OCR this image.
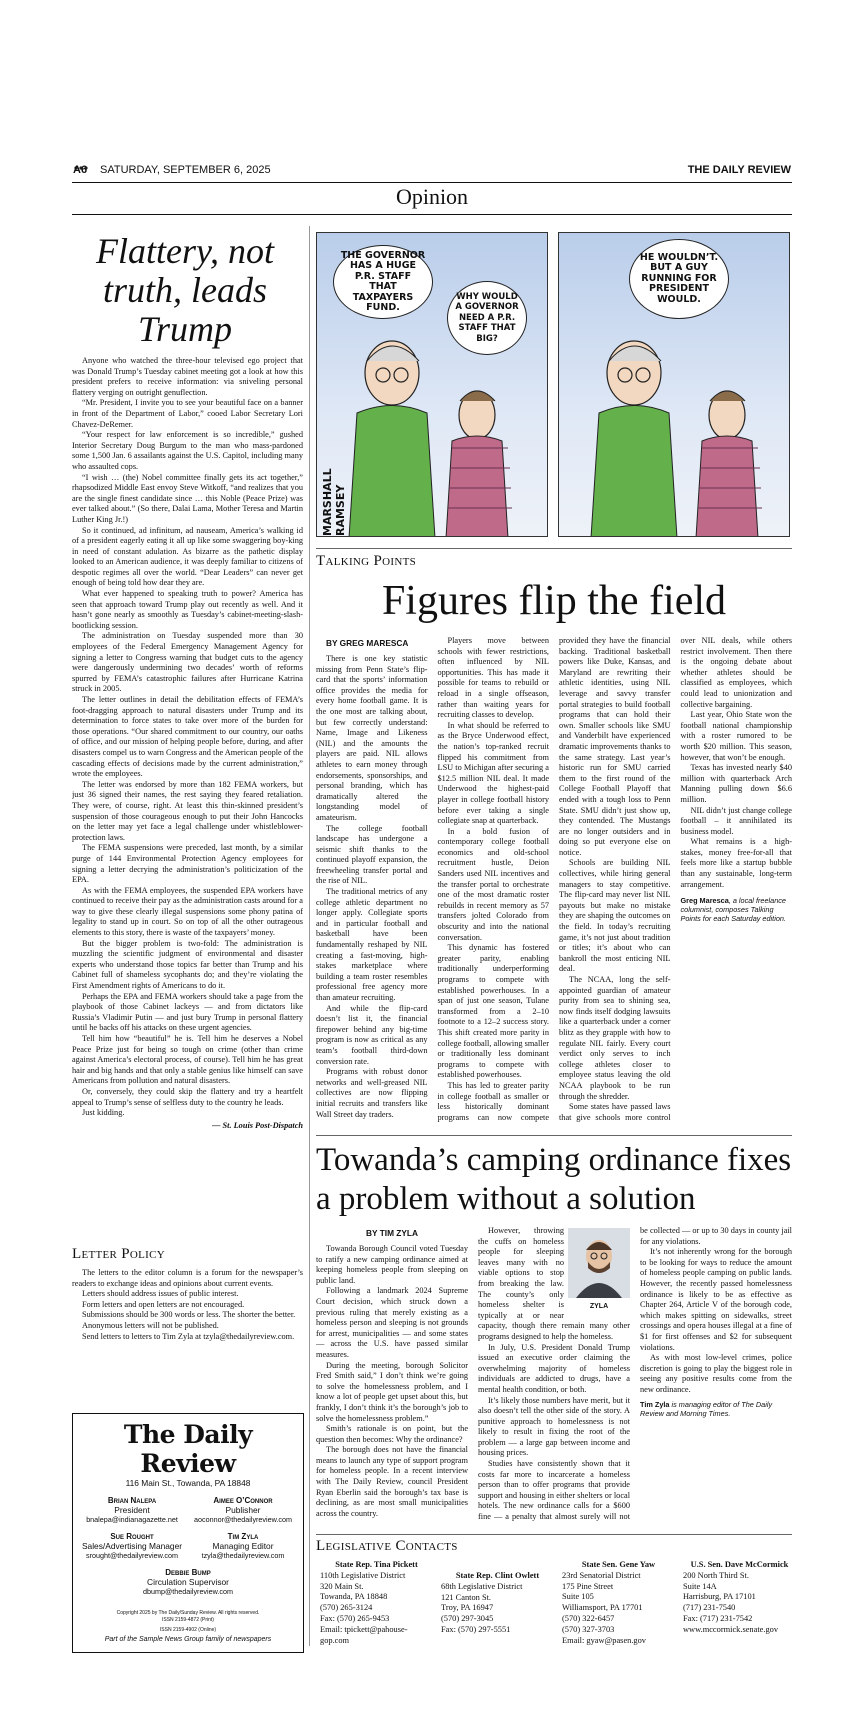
A6 SATURDAY, SEPTEMBER 6, 2025	THE DAILY REVIEW
Opinion
Flattery, not truth, leads Trump

Anyone who watched the three-hour televised ego project that was Donald Trump’s Tuesday cabinet meeting got a look at how this president prefers to receive information: via sniveling personal flattery verging on outright genuflection.

“Mr. President, I invite you to see your beautiful face on a banner in front of the Department of Labor,” cooed Labor Secretary Lori Chavez-DeRemer.

“Your respect for law enforcement is so incredible,” gushed Interior Secretary Doug Burgum to the man who mass-pardoned some 1,500 Jan. 6 assailants against the U.S. Capitol, including many who assaulted cops.

“I wish … (the) Nobel committee finally gets its act together,” rhapsodized Middle East envoy Steve Witkoff, “and realizes that you are the single finest candidate since … this Noble (Peace Prize) was ever talked about.” (So there, Dalai Lama, Mother Teresa and Martin Luther King Jr.!)

So it continued, ad infinitum, ad nauseam, America’s walking id of a president eagerly eating it all up like some swaggering boy-king in need of constant adulation. As bizarre as the pathetic display looked to an American audience, it was deeply familiar to citizens of despotic regimes all over the world. “Dear Leaders” can never get enough of being told how dear they are.

What ever happened to speaking truth to power? America has seen that approach toward Trump play out recently as well. And it hasn’t gone nearly as smoothly as Tuesday’s cabinet-meeting-slash-bootlicking session.

The administration on Tuesday suspended more than 30 employees of the Federal Emergency Management Agency for signing a letter to Congress warning that budget cuts to the agency were dangerously undermining two decades’ worth of reforms spurred by FEMA’s catastrophic failures after Hurricane Katrina struck in 2005.

The letter outlines in detail the debilitation effects of FEMA’s foot-dragging approach to natural disasters under Trump and its determination to force states to take over more of the burden for those operations. “Our shared commitment to our country, our oaths of office, and our mission of helping people before, during, and after disasters compel us to warn Congress and the American people of the cascading effects of decisions made by the current administration,” wrote the employees.

The letter was endorsed by more than 182 FEMA workers, but just 36 signed their names, the rest saying they feared retaliation. They were, of course, right. At least this thin-skinned president’s suspension of those courageous enough to put their John Hancocks on the letter may yet face a legal challenge under whistleblower-protection laws.

The FEMA suspensions were preceded, last month, by a similar purge of 144 Environmental Protection Agency employees for signing a letter decrying the administration’s politicization of the EPA.

As with the FEMA employees, the suspended EPA workers have continued to receive their pay as the administration casts around for a way to give these clearly illegal suspensions some phony patina of legality to stand up in court. So on top of all the other outrageous elements to this story, there is waste of the taxpayers’ money.

But the bigger problem is two-fold: The administration is muzzling the scientific judgment of environmental and disaster experts who understand those topics far better than Trump and his Cabinet full of shameless sycophants do; and they’re violating the First Amendment rights of Americans to do it.

Perhaps the EPA and FEMA workers should take a page from the playbook of those Cabinet lackeys — and from dictators like Russia’s Vladimir Putin — and just bury Trump in personal flattery until he backs off his attacks on these urgent agencies.

Tell him how “beautiful” he is. Tell him he deserves a Nobel Peace Prize just for being so tough on crime (other than crime against America’s electoral process, of course). Tell him he has great hair and big hands and that only a stable genius like himself can save Americans from pollution and natural disasters.

Or, conversely, they could skip the flattery and try a heartfelt appeal to Trump’s sense of selfless duty to the country he leads.

Just kidding.

— St. Louis Post-Dispatch

Letter Policy

The letters to the editor column is a forum for the newspaper’s readers to exchange ideas and opinions about current events.

Letters should address issues of public interest.

Form letters and open letters are not encouraged.

Submissions should be 300 words or less. The shorter the better.

Anonymous letters will not be published.

Send letters to letters to Tim Zyla at tzyla@thedailyreview.com.

The Daily Review
116 Main St., Towanda, PA 18848
Brian Nalepa
President
bnalepa@indianagazette.net
Aimee O’Connor
Publisher
aoconnor@thedailyreview.com
Sue Rought
Sales/Advertising Manager
srought@thedailyreview.com
Tim Zyla
Managing Editor
tzyla@thedailyreview.com
Debbie Bump
Circulation Supervisor
dbump@thedailyreview.com
Copyright 2025 by The Daily/Sunday Review. All rights reserved.
ISSN 2159-4872 (Print)
ISSN 2159-4902 (Online)
Part of the Sample News Group family of newspapers
THE GOVERNOR HAS A HUGE P.R. STAFF THAT TAXPAYERS FUND.
WHY WOULD A GOVERNOR NEED A P.R. STAFF THAT BIG?
MARSHALL RAMSEY
HE WOULDN’T. BUT A GUY RUNNING FOR PRESIDENT WOULD.
Talking Points
Figures flip the field
BY GREG MARESCA

There is one key statistic missing from Penn State’s flip-card that the sports’ information office provides the media for every home football game. It is the one most are talking about, but few correctly understand: Name, Image and Likeness (NIL) and the amounts the players are paid. NIL allows athletes to earn money through endorsements, sponsorships, and personal branding, which has dramatically altered the longstanding model of amateurism.

The college football landscape has undergone a seismic shift thanks to the continued playoff expansion, the freewheeling transfer portal and the rise of NIL.

The traditional metrics of any college athletic department no longer apply. Collegiate sports and in particular football and basketball have been fundamentally reshaped by NIL creating a fast-moving, high-stakes marketplace where building a team roster resembles professional free agency more than amateur recruiting.

And while the flip-card doesn’t list it, the financial firepower behind any big-time program is now as critical as any team’s football third-down conversion rate.

Programs with robust donor networks and well-greased NIL collectives are now flipping initial recruits and transfers like Wall Street day traders.

Players move between schools with fewer restrictions, often influenced by NIL opportunities. This has made it possible for teams to rebuild or reload in a single offseason, rather than waiting years for recruiting classes to develop.

In what should be referred to as the Bryce Underwood effect, the nation’s top-ranked recruit flipped his commitment from LSU to Michigan after securing a $12.5 million NIL deal. It made Underwood the highest-paid player in college football history before ever taking a single collegiate snap at quarterback.

In a bold fusion of contemporary college football economics and old-school recruitment hustle, Deion Sanders used NIL incentives and the transfer portal to orchestrate one of the most dramatic roster rebuilds in recent memory as 57 transfers jolted Colorado from obscurity and into the national conversation.

This dynamic has fostered greater parity, enabling traditionally underperforming programs to compete with established powerhouses. In a span of just one season, Tulane transformed from a 2–10 footnote to a 12–2 success story. This shift created more parity in college football, allowing smaller or traditionally less dominant programs to compete with established powerhouses.

This has led to greater parity in college football as smaller or less historically dominant programs can now compete provided they have the financial backing. Traditional basketball powers like Duke, Kansas, and Maryland are rewriting their athletic identities, using NIL leverage and savvy transfer portal strategies to build football programs that can hold their own. Smaller schools like SMU and Vanderbilt have experienced dramatic improvements thanks to the same strategy. Last year’s historic run for SMU carried them to the first round of the College Football Playoff that ended with a tough loss to Penn State. SMU didn’t just show up, they contended. The Mustangs are no longer outsiders and in doing so put everyone else on notice.

Schools are building NIL collectives, while hiring general managers to stay competitive. The flip-card may never list NIL payouts but make no mistake they are shaping the outcomes on the field. In today’s recruiting game, it’s not just about tradition or titles; it’s about who can bankroll the most enticing NIL deal.

The NCAA, long the self-appointed guardian of amateur purity from sea to shining sea, now finds itself dodging lawsuits like a quarterback under a corner blitz as they grapple with how to regulate NIL fairly. Every court verdict only serves to inch college athletes closer to employee status leaving the old NCAA playbook to be run through the shredder.

Some states have passed laws that give schools more control over NIL deals, while others restrict involvement. Then there is the ongoing debate about whether athletes should be classified as employees, which could lead to unionization and collective bargaining.

Last year, Ohio State won the football national championship with a roster rumored to be worth $20 million. This season, however, that won’t be enough.

Texas has invested nearly $40 million with quarterback Arch Manning pulling down $6.6 million.

NIL didn’t just change college football – it annihilated its business model.

What remains is a high-stakes, money free-for-all that feels more like a startup bubble than any sustainable, long-term arrangement.

Greg Maresca, a local freelance columnist, composes Talking Points for each Saturday edition.

Towanda’s camping ordinance fixes a problem without a solution
BY TIM ZYLA

Towanda Borough Council voted Tuesday to ratify a new camping ordinance aimed at keeping homeless people from sleeping on public land.

Following a landmark 2024 Supreme Court decision, which struck down a previous ruling that merely existing as a homeless person and sleeping is not grounds for arrest, municipalities — and some states — across the U.S. have passed similar measures.

During the meeting, borough Solicitor Fred Smith said,” I don’t think we’re going to solve the homelessness problem, and I know a lot of people get upset about this, but frankly, I don’t think it’s the borough’s job to solve the homelessness problem.”

Smith’s rationale is on point, but the question then becomes: Why the ordinance?

The borough does not have the financial means to launch any type of support program for homeless people. In a recent interview with The Daily Review, council President Ryan Eberlin said the borough’s tax base is declining, as are most small municipalities across the country.

ZYLA

However, throwing the cuffs on homeless people for sleeping leaves many with no viable options to stop from breaking the law. The county’s only homeless shelter is typically at or near capacity, though there remain many other programs designed to help the homeless.

In July, U.S. President Donald Trump issued an executive order claiming the overwhelming majority of homeless individuals are addicted to drugs, have a mental health condition, or both.

It’s likely those numbers have merit, but it also doesn’t tell the other side of the story. A punitive approach to homelessness is not likely to result in fixing the root of the problem — a large gap between income and housing prices.

Studies have consistently shown that it costs far more to incarcerate a homeless person than to offer programs that provide support and housing in either shelters or local hotels. The new ordinance calls for a $600 fine — a penalty that almost surely will not be collected — or up to 30 days in county jail for any violations.

It’s not inherently wrong for the borough to be looking for ways to reduce the amount of homeless people camping on public lands. However, the recently passed homelessness ordinance is likely to be as effective as Chapter 264, Article V of the borough code, which makes spitting on sidewalks, street crossings and opera houses illegal at a fine of $1 for first offenses and $2 for subsequent violations.

As with most low-level crimes, police discretion is going to play the biggest role in seeing any positive results come from the new ordinance.

Tim Zyla is managing editor of The Daily Review and Morning Times.

Legislative Contacts
State Rep. Tina Pickett
110th Legislative District
320 Main St.
Towanda, PA 18848
(570) 265-3124
Fax: (570) 265-9453
Email: tpickett@pahouse-gop.com
State Rep. Clint Owlett
68th Legislative District
121 Canton St.
Troy, PA 16947
(570) 297-3045
Fax: (570) 297-5551
State Sen. Gene Yaw
23rd Senatorial District
175 Pine Street
Suite 105
Williamsport, PA 17701
(570) 322-6457
(570) 327-3703
Email: gyaw@pasen.gov
U.S. Sen. Dave McCormick
200 North Third St.
Suite 14A
Harrisburg, PA 17101
(717) 231-7540
Fax: (717) 231-7542
www.mccormick.senate.gov
